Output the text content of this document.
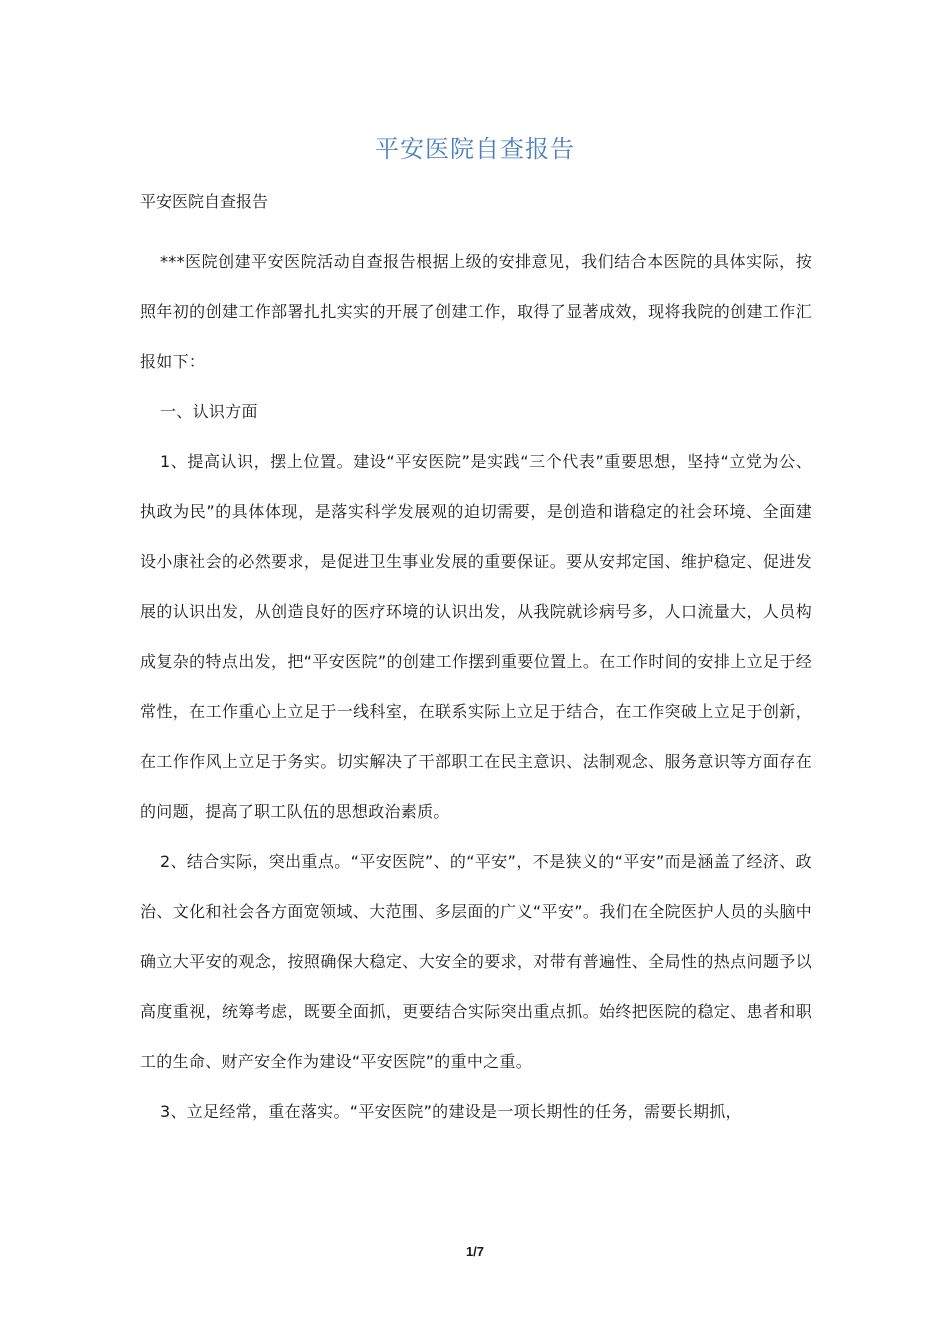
平安医院自查报告

平安医院自查报告

***医院创建平安医院活动自查报告根据上级的安排意见，我们结合本医院的具体实际，按照年初的创建工作部署扎扎实实的开展了创建工作，取得了显著成效，现将我院的创建工作汇报如下：

一、认识方面

1、提高认识，摆上位置。建设“平安医院”是实践“三个代表”重要思想，坚持“立党为公、执政为民”的具体体现，是落实科学发展观的迫切需要，是创造和谐稳定的社会环境、全面建设小康社会的必然要求，是促进卫生事业发展的重要保证。要从安邦定国、维护稳定、促进发展的认识出发，从创造良好的医疗环境的认识出发，从我院就诊病号多，人口流量大，人员构成复杂的特点出发，把“平安医院”的创建工作摆到重要位置上。在工作时间的安排上立足于经常性，在工作重心上立足于一线科室，在联系实际上立足于结合，在工作突破上立足于创新，在工作作风上立足于务实。切实解决了干部职工在民主意识、法制观念、服务意识等方面存在的问题，提高了职工队伍的思想政治素质。

2、结合实际，突出重点。“平安医院”、的“平安”，不是狭义的“平安”而是涵盖了经济、政治、文化和社会各方面宽领域、大范围、多层面的广义“平安”。我们在全院医护人员的头脑中确立大平安的观念，按照确保大稳定、大安全的要求，对带有普遍性、全局性的热点问题予以高度重视，统筹考虑，既要全面抓，更要结合实际突出重点抓。始终把医院的稳定、患者和职工的生命、财产安全作为建设“平安医院”的重中之重。

3、立足经常，重在落实。“平安医院”的建设是一项长期性的任务，需要长期抓，

1/7
